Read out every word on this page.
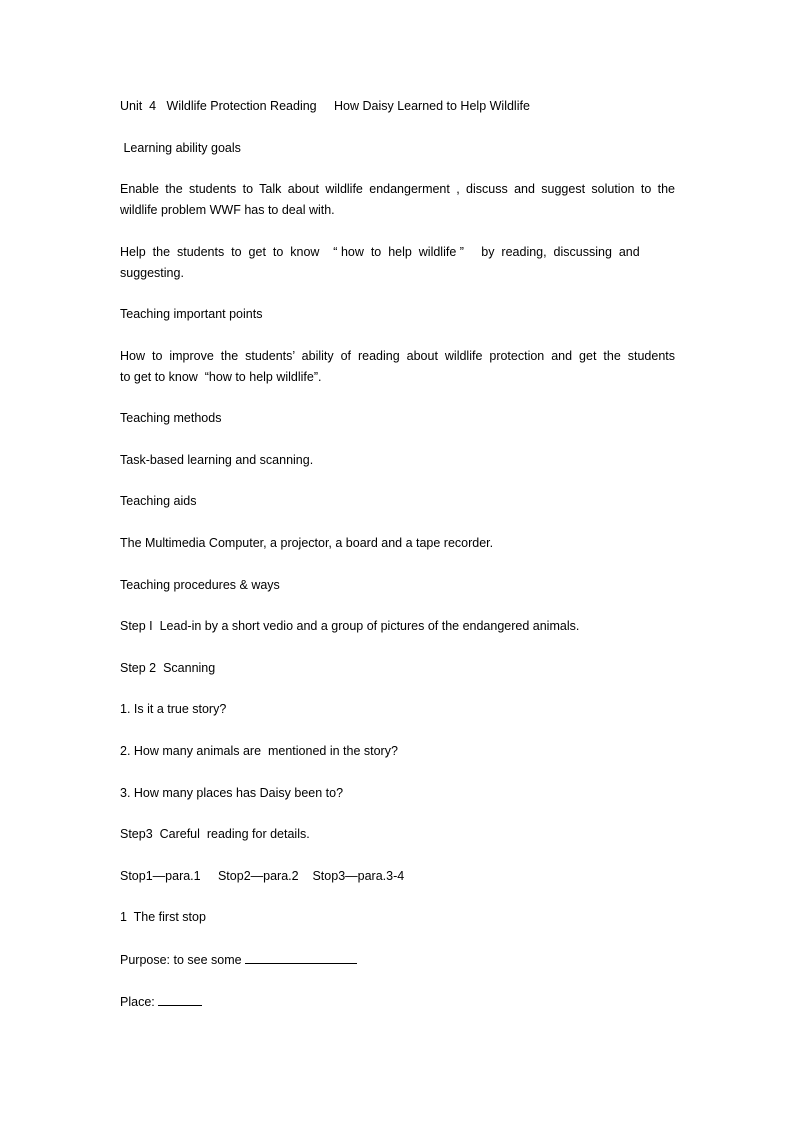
Unit  4   Wildlife Protection Reading     How Daisy Learned to Help Wildlife
Learning ability goals
Enable the students to Talk about wildlife endangerment , discuss and suggest solution to the
wildlife problem WWF has to deal with.
Help  the  students  to  get  to  know    “ how  to  help  wildlife ”     by  reading,  discussing  and
suggesting.
Teaching important points
How to improve the students’ ability of reading about wildlife protection and get the students
to get to know  “how to help wildlife”.
Teaching methods
Task-based learning and scanning.
Teaching aids
The Multimedia Computer, a projector, a board and a tape recorder.
Teaching procedures & ways
Step I  Lead-in by a short vedio and a group of pictures of the endangered animals.
Step 2  Scanning
1. Is it a true story?
2. How many animals are  mentioned in the story?
3. How many places has Daisy been to?
Step3  Careful  reading for details.
Stop1—para.1     Stop2—para.2    Stop3—para.3-4
1  The first stop
Purpose: to see some
Place:
